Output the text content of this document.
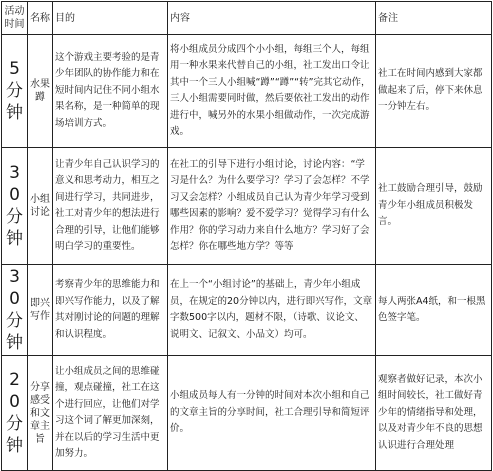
活动时间	名称	目的	内容	备注
5分钟	水果蹲	这个游戏主要考验的是青少年团队的协作能力和在短时间内记住不同小组水果名称，是一种简单的现场培训方式。	将小组成员分成四个小小组，每组三个人，每组用一种水果来代替自己的小组，社工发出口令让其中一个三人小组喊“蹲”“蹲”“转”完其它动作，三人小组需要同时做，然后要依社工发出的动作进行中，喊另外的水果小组做动作，一次完成游戏。	社工在时间内感到大家都做起来了后，停下来休息一分钟左右。
30分钟	小组讨论	让青少年自己认识学习的意义和思考动力，相互之间进行学习，共同进步，社工对青少年的想法进行合理的引导，让他们能够明白学习的重要性。	在社工的引导下进行小组讨论，讨论内容：“学习是什么？为什么要学习？学习了会怎样？不学习又会怎样？小组成员自己认为青少年学习受到哪些因素的影响？爱不爱学习？觉得学习有什么作用？你的学习动力来自什么地方？学习好了会怎样？你在哪些地方学？等等	社工鼓励合理引导，鼓励青少年小组成员积极发言。
30分钟	即兴写作	考察青少年的思维能力和即兴写作能力，以及了解其对刚讨论的问题的理解和认识程度。	在上一个“小组讨论”的基础上，青少年小组成员，在规定的20分钟以内，进行即兴写作，文章字数500字以内，题材不限，（诗歌、议论文、说明文、记叙文、小品文）均可。	每人两张A4纸，和一根黑色签字笔。
20分钟	分享感受和文章主旨	让小组成员之间的思维碰撞，观点碰撞，社工在这个进行回应，让他们对学习这个词了解更加深刻，并在以后的学习生活中更加努力。	小组成员每人有一分钟的时间对本次小组和自己的文章主旨的分享时间，社工合理引导和简短评价。	观察者做好记录，本次小组时间较长，社工做好青少年的情绪指导和处理，以及对青少年不良的思想认识进行合理处理
